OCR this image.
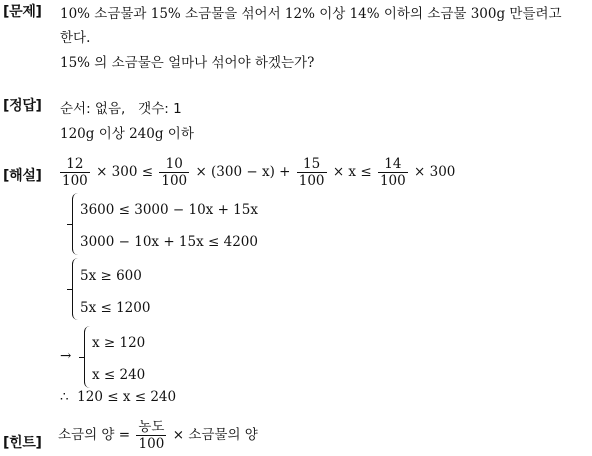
[문제] 10% 소금물과 15% 소금물을 섞어서 12% 이상 14% 이하의 소금물 300g 만들려고
한다.
15% 의 소금물은 얼마나 섞어야 하겠는가?
[정답] 순서: 없음,   갯수: 1
120g 이상 240g 이하
[해설] $\frac{12}{100} \times 300 \le \frac{10}{100} \times (300 - x) + \frac{15}{100} \times x \le \frac{14}{100} \times 300$
3600 ≤ 3000 − 10x + 15x
3000 − 10x + 15x ≤ 4200
5x ≥ 600
5x ≤ 1200
→
x ≥ 120
x ≤ 240
∴  120 ≤ x ≤ 240
[힌트] 소금의 양 = $\frac{\text{농도}}{100}$ × 소금물의 양
